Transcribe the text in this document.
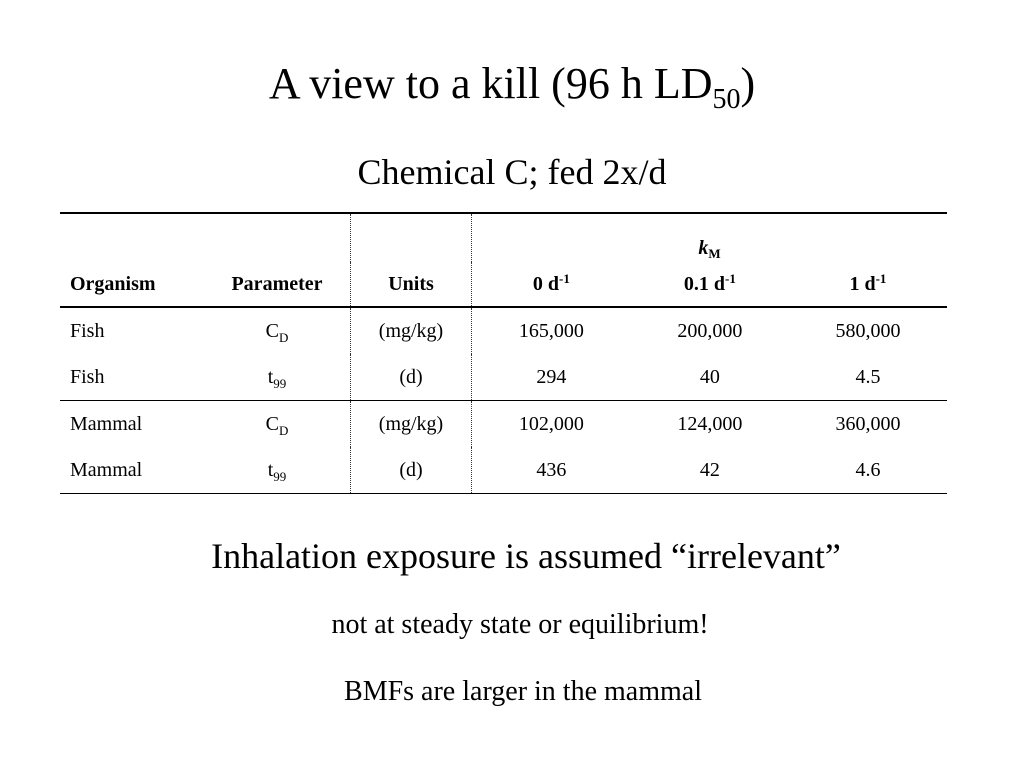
A view to a kill (96 h $LD_{50}$)
Chemical C; fed 2x/d
			$k_M$
Organism	Parameter	Units	0 $d^{-1}$	0.1 $d^{-1}$	1 $d^{-1}$
Fish	$C_D$	(mg/kg)	165,000	200,000	580,000
Fish	$t_{99}$	(d)	294	40	4.5
Mammal	$C_D$	(mg/kg)	102,000	124,000	360,000
Mammal	$t_{99}$	(d)	436	42	4.6
Inhalation exposure is assumed “irrelevant”
not at steady state or equilibrium!
BMFs are larger in the mammal
